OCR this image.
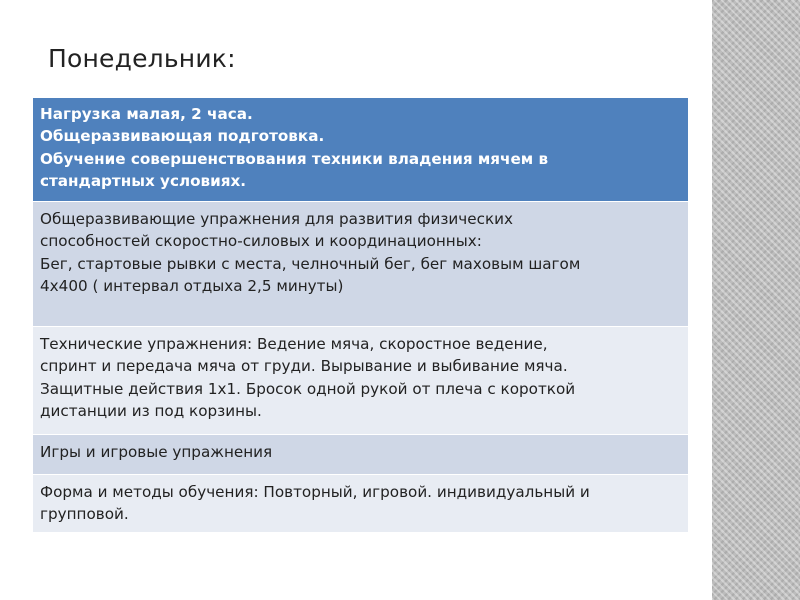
Понедельник:
Нагрузка малая, 2 часа.
Общеразвивающая подготовка.
Обучение совершенствования техники владения мячем в
стандартных условиях.
Общеразвивающие упражнения для развития физических
способностей скоростно-силовых и координационных:
Бег, стартовые рывки с места, челночный бег, бег маховым шагом
4х400 ( интервал отдыха 2,5 минуты)
Технические упражнения: Ведение мяча, скоростное ведение,
спринт и передача мяча от груди. Вырывание и выбивание мяча.
Защитные действия 1х1. Бросок одной рукой от плеча с короткой
дистанции из под корзины.
Игры и игровые упражнения
Форма и методы обучения: Повторный, игровой. индивидуальный и
групповой.
